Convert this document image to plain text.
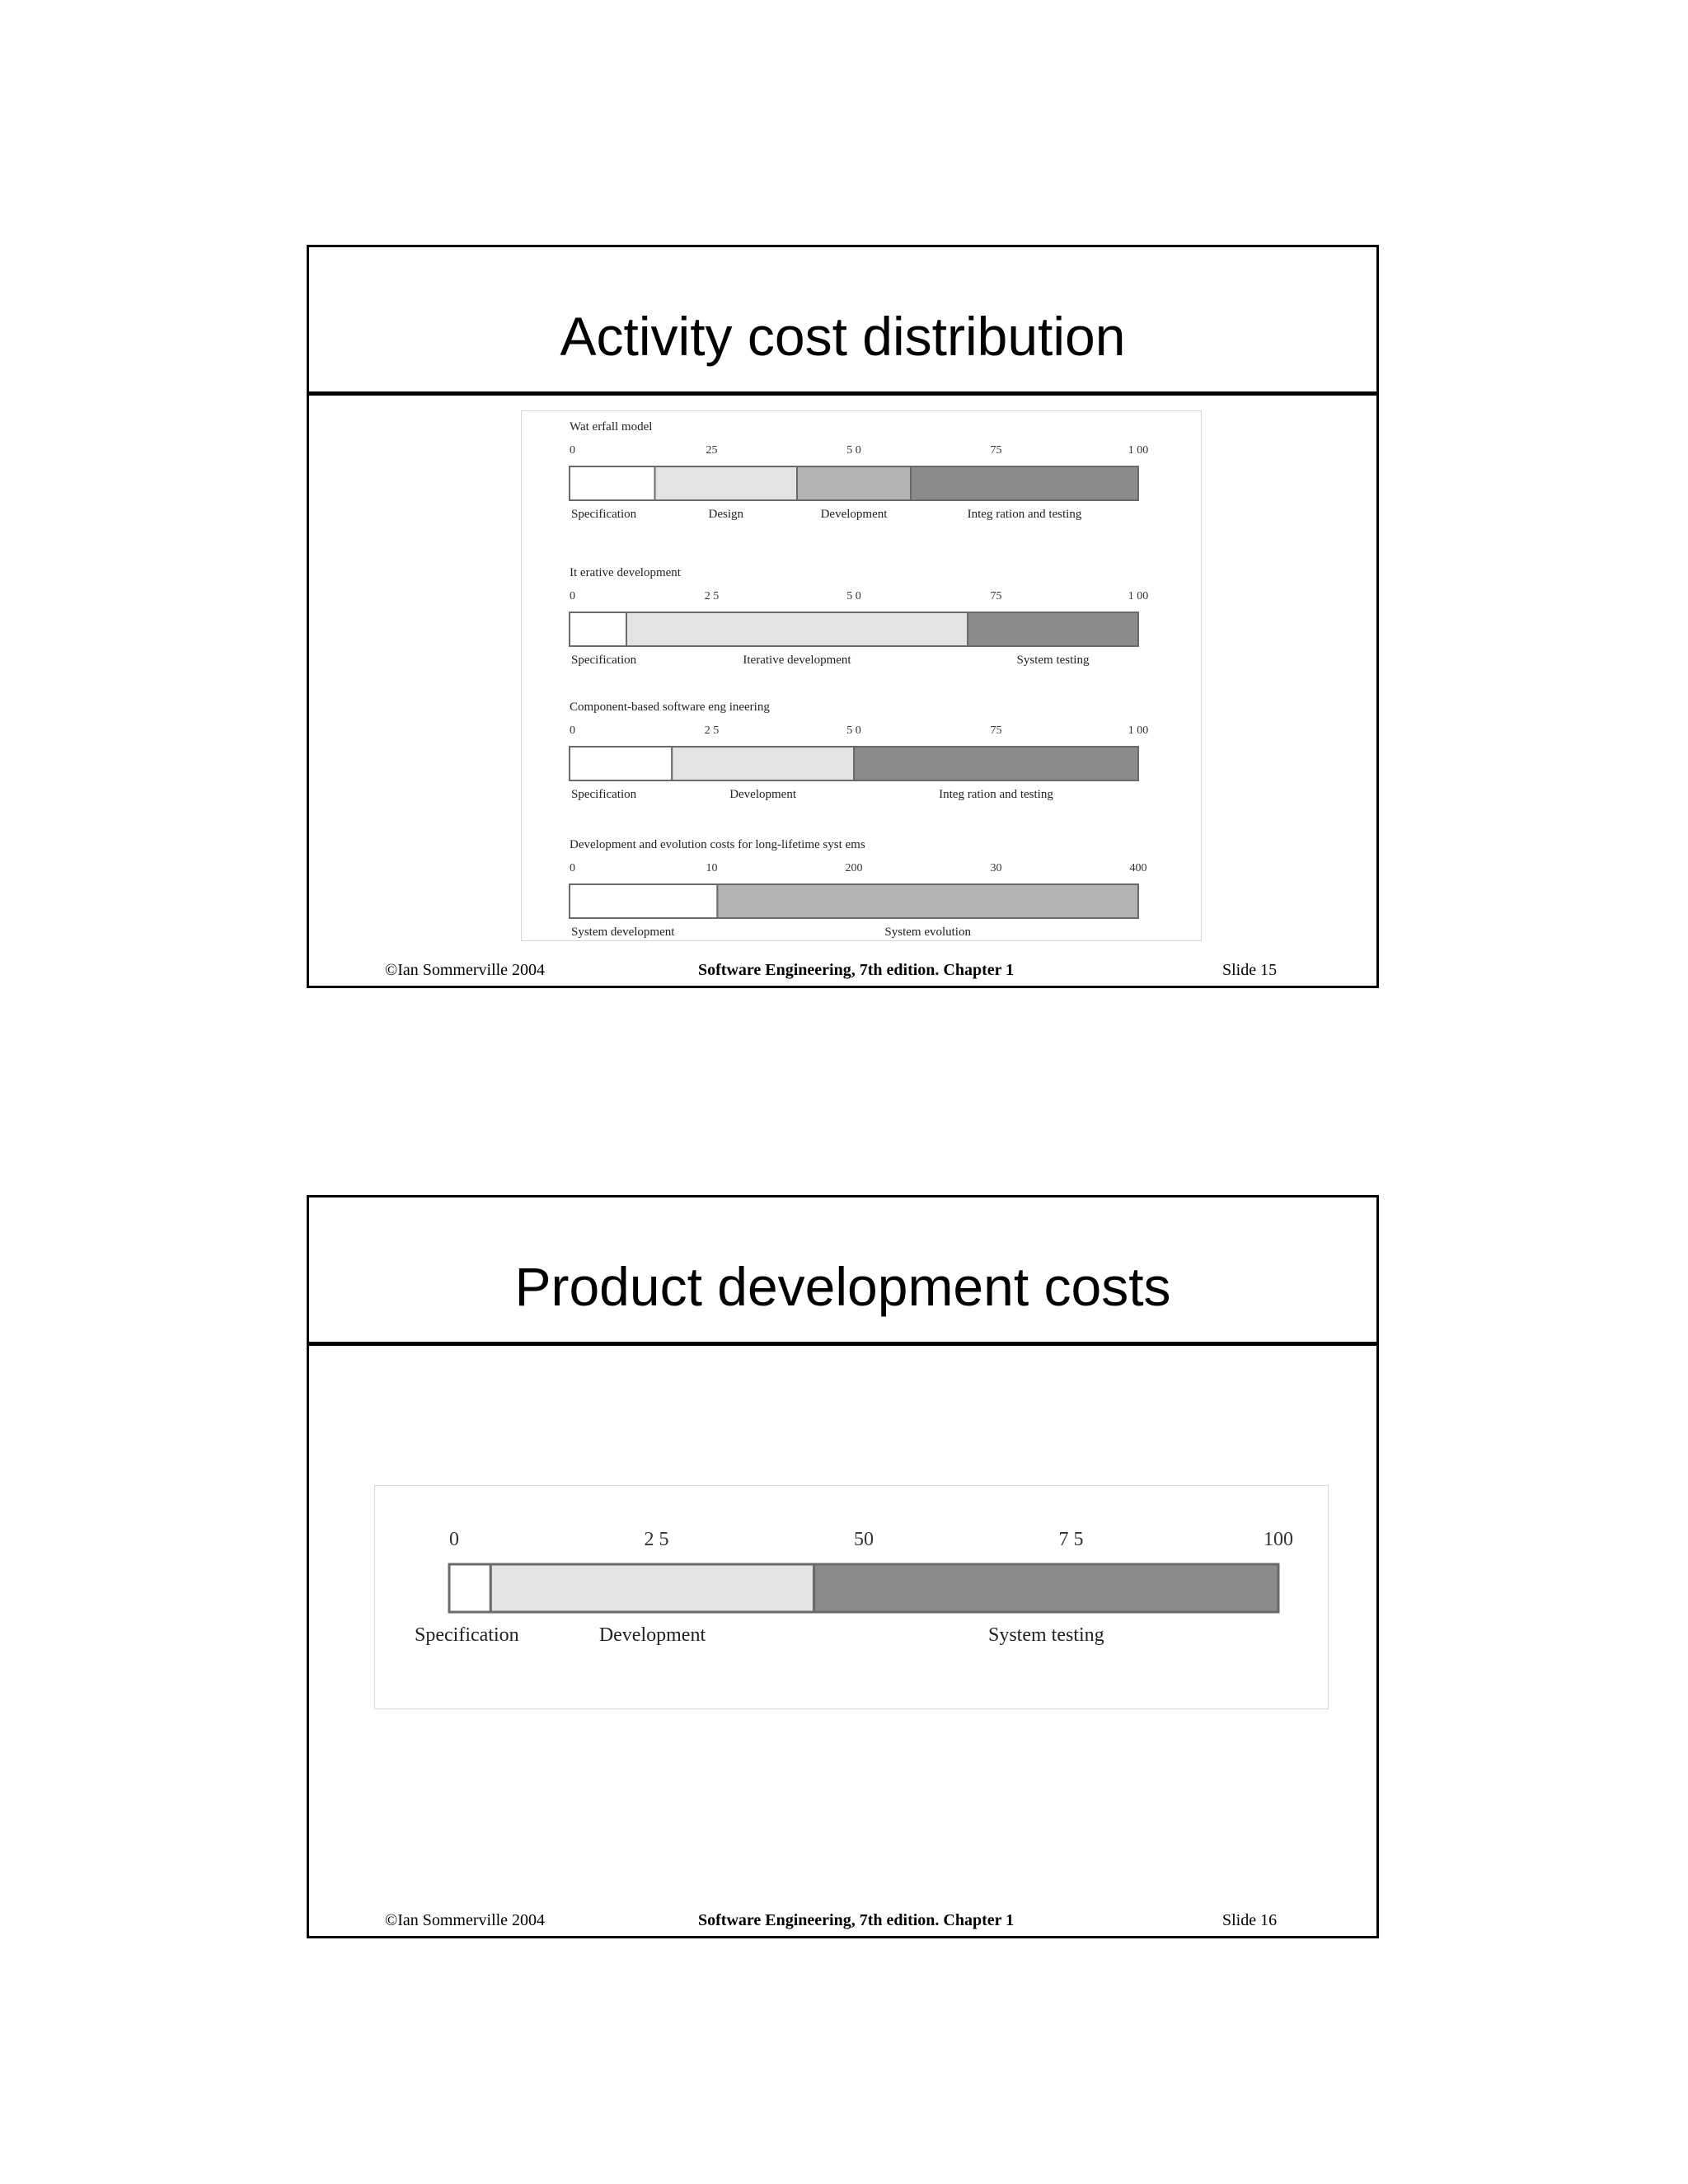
Activity cost distribution
Wat erfall model
0	25	5 0	75	1 00
Specification	Design	Development	Integ ration and testing
It erative development
0	2 5	5 0	75	1 00
Specification	Iterative development	System testing
Component-based software eng ineering
0	2 5	5 0	75	1 00
Specification	Development	Integ ration and testing
Development and evolution costs for long-lifetime syst ems
0	10	200	30	400
System development	System evolution
©Ian Sommerville 2004	Software Engineering, 7th edition. Chapter 1	Slide 15
Product development costs
0	2 5	50	7 5	100
Specification	Development	System testing
©Ian Sommerville 2004	Software Engineering, 7th edition. Chapter 1	Slide 16
